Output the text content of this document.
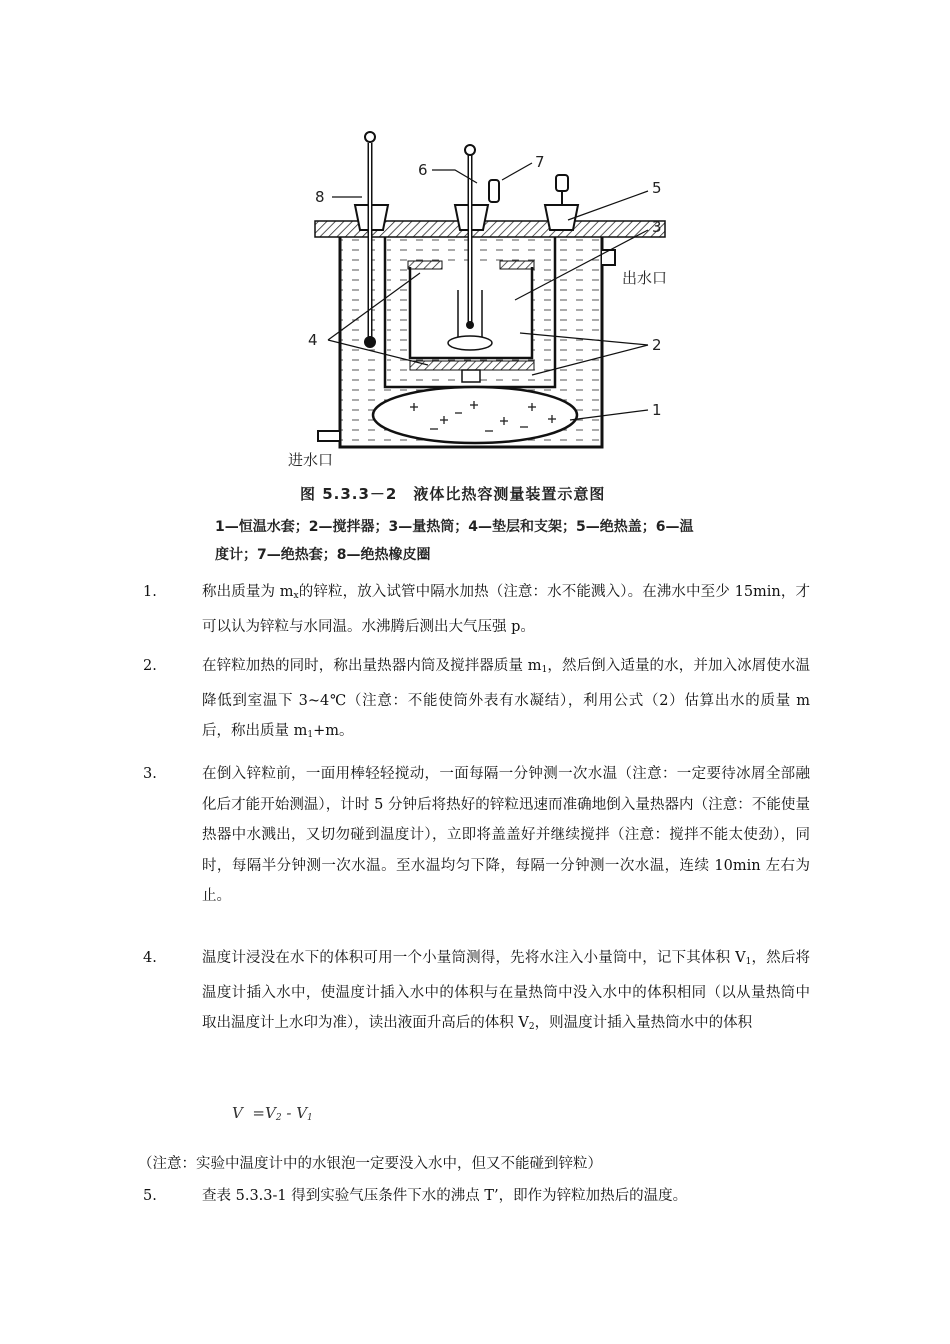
8
6	7
5
3
出水口
4	2
1
进水口
图 5.3.3－2　液体比热容测量装置示意图
1—恒温水套；2—搅拌器；3—量热筒；4—垫层和支架；5—绝热盖；6—温
度计；7—绝热套；8—绝热橡皮圈
1.	称出质量为 $m_x$的锌粒，放入试管中隔水加热（注意：水不能溅入）。在沸水中至少 15min，才可以认为锌粒与水同温。水沸腾后测出大气压强 p。
2.	在锌粒加热的同时，称出量热器内筒及搅拌器质量 $m_1$，然后倒入适量的水，并加入冰屑使水温降低到室温下 3~4℃（注意：不能使筒外表有水凝结），利用公式（2）估算出水的质量 m 后，称出质量 $m_1+m$。
3.	在倒入锌粒前，一面用棒轻轻搅动，一面每隔一分钟测一次水温（注意：一定要待冰屑全部融化后才能开始测温），计时 5 分钟后将热好的锌粒迅速而准确地倒入量热器内（注意：不能使量热器中水溅出，又切勿碰到温度计），立即将盖盖好并继续搅拌（注意：搅拌不能太使劲），同时，每隔半分钟测一次水温。至水温均匀下降，每隔一分钟测一次水温，连续 10min 左右为止。
4.	温度计浸没在水下的体积可用一个小量筒测得，先将水注入小量筒中，记下其体积 $V_1$，然后将温度计插入水中，使温度计插入水中的体积与在量热筒中没入水中的体积相同（以从量热筒中取出温度计上水印为准），读出液面升高后的体积 $V_2$，则温度计插入量热筒水中的体积
$V =V_2 - V_1$
（注意：实验中温度计中的水银泡一定要没入水中，但又不能碰到锌粒）
5.	查表 5.3.3-1 得到实验气压条件下水的沸点 T’，即作为锌粒加热后的温度。
